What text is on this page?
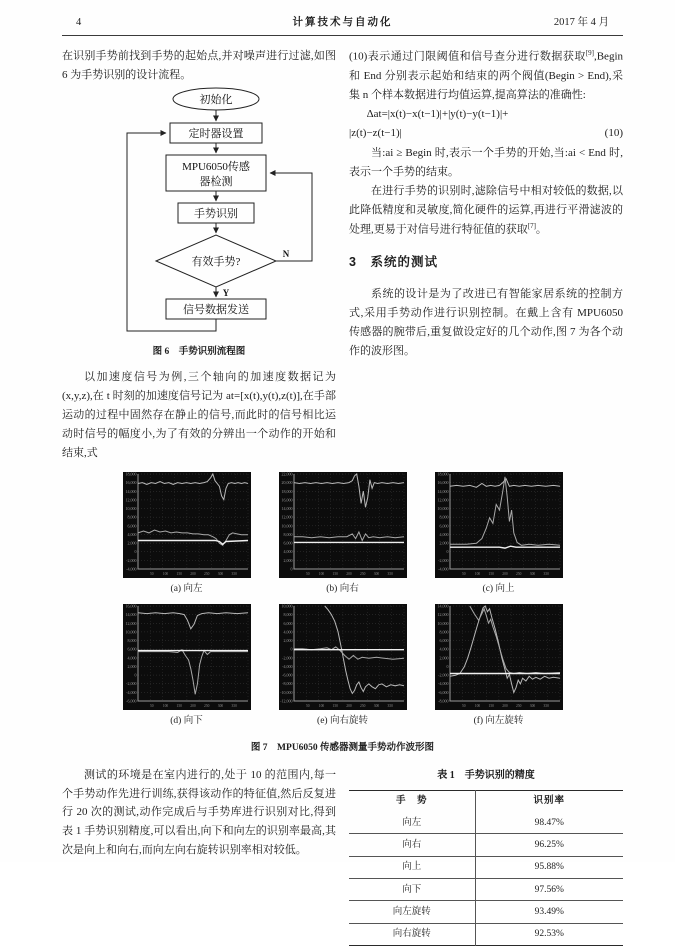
4	计算技术与自动化	2017 年 4 月

在识别手势前找到手势的起始点,并对噪声进行过滤,如图 6 为手势识别的设计流程。

初始化
定时器设置
MPU6050传感
器检测
手势识别
有效手势?
信号数据发送
N
Y
图 6　手势识别流程图

以加速度信号为例,三个轴向的加速度数据记为(x,y,z),在 t 时刻的加速度信号记为 at=[x(t),y(t),z(t)],在手部运动的过程中固然存在静止的信号,而此时的信号相比运动时信号的幅度小,为了有效的分辨出一个动作的开始和结束,式

(10)表示通过门限阈值和信号查分进行数据获取[9],Begin 和 End 分别表示起始和结束的两个阀值(Begin > End),采集 n 个样本数据进行均值运算,提高算法的准确性:

Δat=|x(t)−x(t−1)|+|y(t)−y(t−1)|+
|z(t)−z(t−1)|	(10)

当:ai ≥ Begin 时,表示一个手势的开始,当:ai < End 时,表示一个手势的结束。

在进行手势的识别时,滤除信号中相对较低的数据,以此降低精度和灵敏度,简化硬件的运算,再进行平滑滤波的处理,更易于对信号进行特征值的获取[7]。

3　系统的测试

系统的设计是为了改进已有智能家居系统的控制方式,采用手势动作进行识别控制。在戴上含有 MPU6050 传感器的腕带后,重复做设定好的几个动作,图 7 为各个动作的波形图。

18,000
16,000
14,000
12,000
10,000
8,000
6,000
4,000
2,000
0
-2,000
-4,000
50	100 150 200 250 300 350
(a) 向左
22,000
20,000
18,000
16,000
14,000
12,000
10,000
8,000
6,000
4,000
2,000
0
50	100 150 200 250 300 350
(b) 向右
18,000
16,000
14,000
12,000
10,000
8,000
6,000
4,000
2,000
0
-2,000
-4,000
50	100 150 200 250 300 350
(c) 向上
16,000
14,000
12,000
10,000
8,000
6,000
4,000
2,000
0
-2,000
-4,000
-6,000
50	100 150 200 250 300 350
(d) 向下
10,000
8,000
6,000
4,000
2,000
0
-2,000
-4,000
-6,000
-8,000
-10,000
-12,000
50	100 150 200 250 300 350
(e) 向右旋转
14,000
12,000
10,000
8,000
6,000
4,000
2,000
0
-2,000
-4,000
-6,000
-8,000
50	100 150 200 250 300 350
(f) 向左旋转
图 7　MPU6050 传感器测量手势动作波形图

测试的环境是在室内进行的,处于 10 的范围内,每一个手势动作先进行训练,获得该动作的特征值,然后反复进行 20 次的测试,动作完成后与手势库进行识别对比,得到表 1 手势识别精度,可以看出,向下和向左的识别率最高,其次是向上和向右,而向左向右旋转识别率相对较低。

表 1　手势识别的精度
手　势	识别率
向左	98.47%
向右	96.25%
向上	95.88%
向下	97.56%
向左旋转	93.49%
向右旋转	92.53%
